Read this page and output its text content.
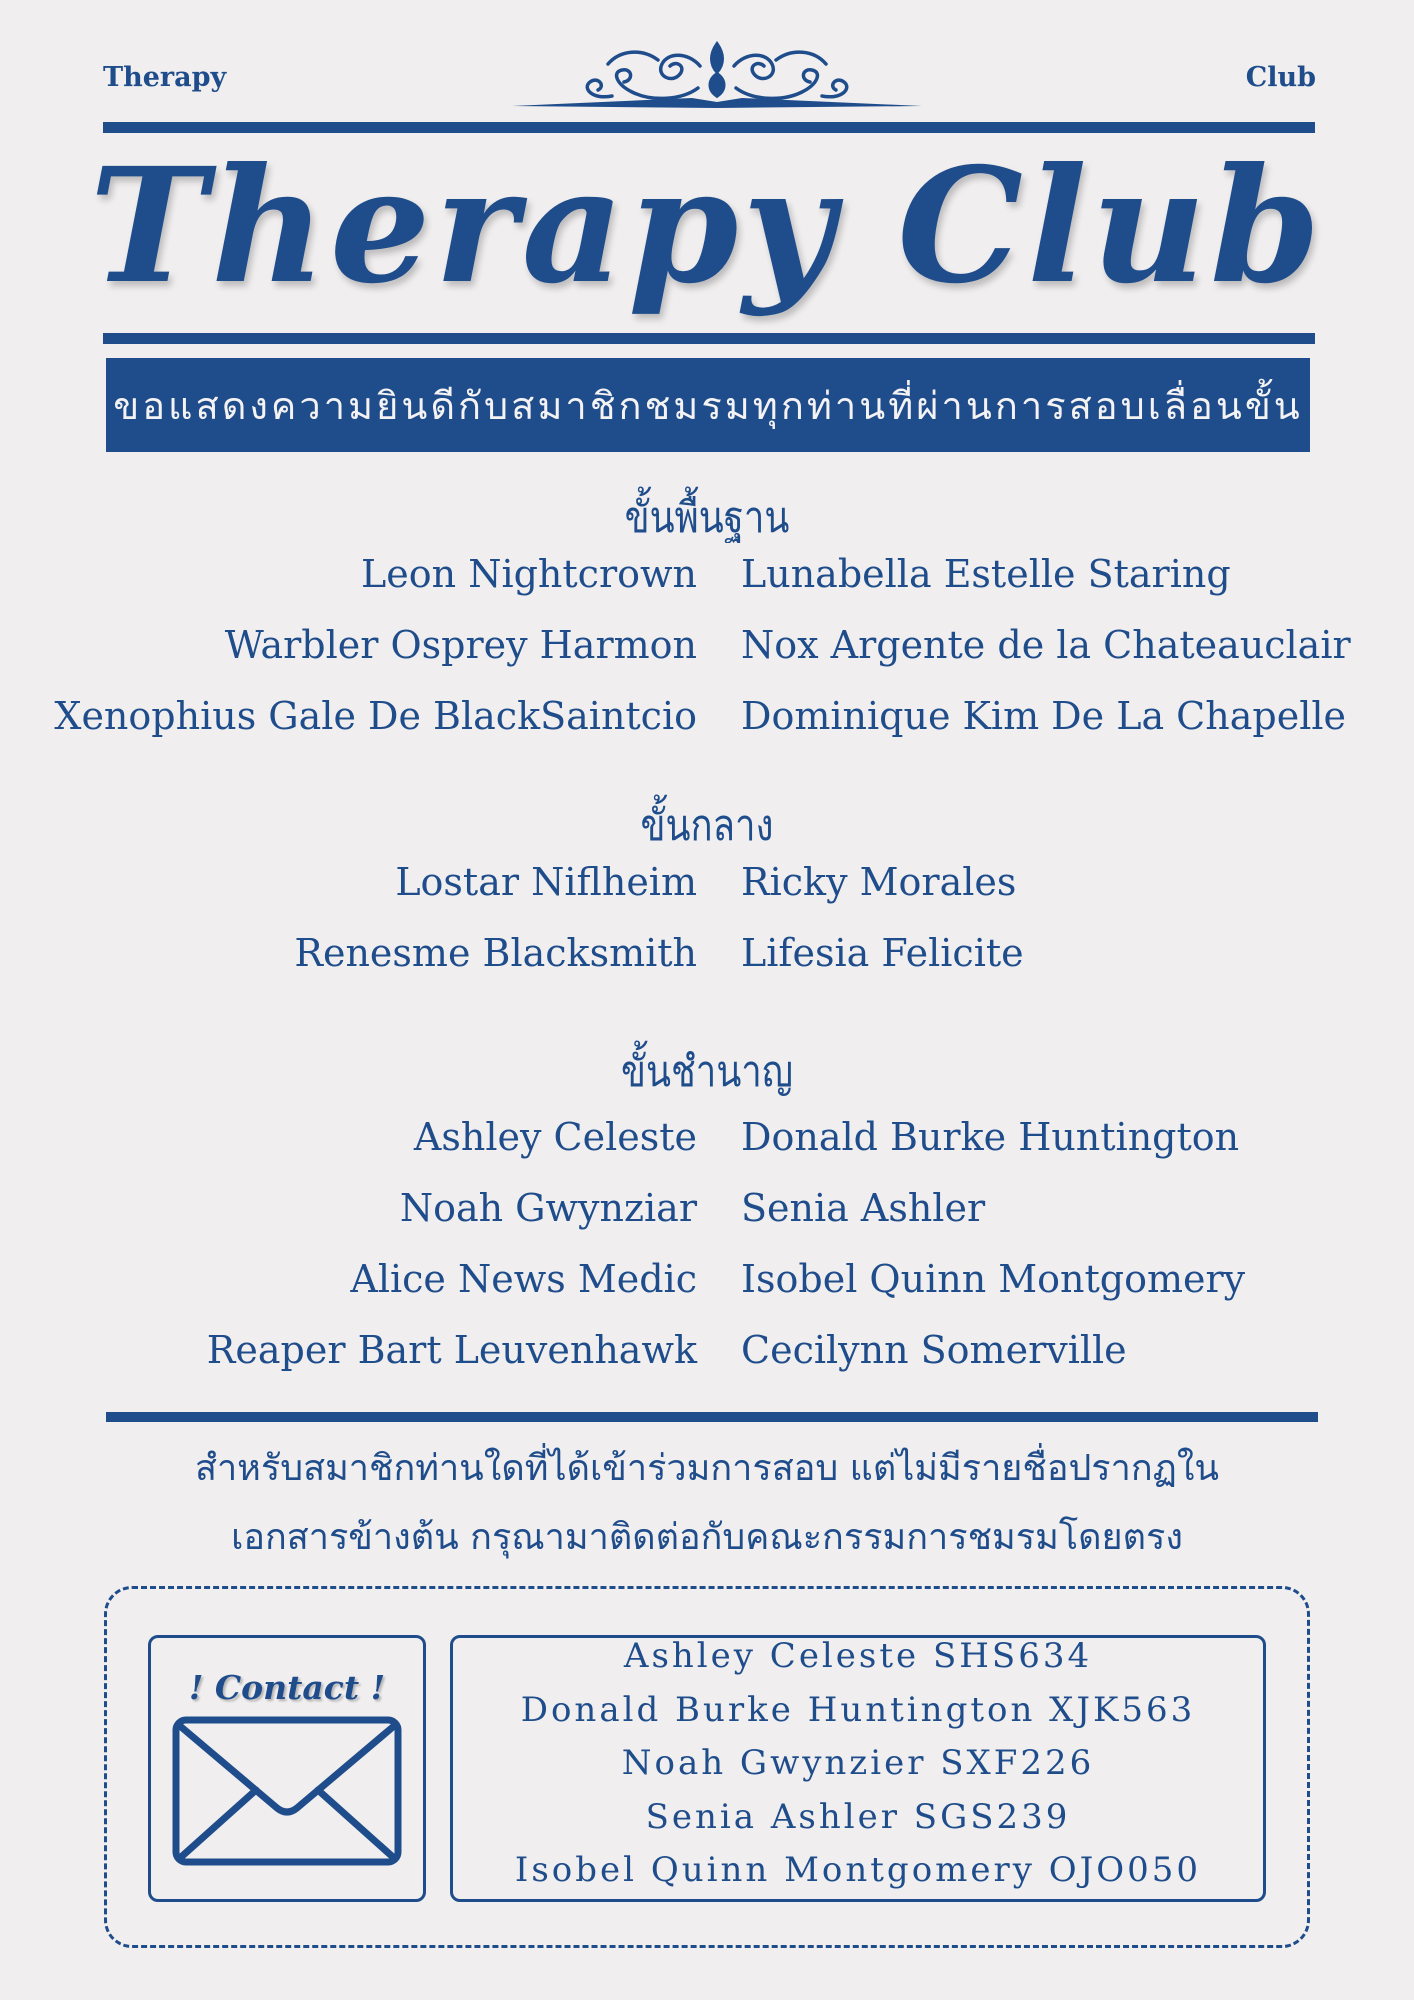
Therapy	Club
Therapy Club
ขอแสดงความยินดีกับสมาชิกชมรมทุกท่านที่ผ่านการสอบเลื่อนขั้น
ขั้นพื้นฐาน
Leon Nightcrown Lunabella Estelle Staring
Warbler Osprey Harmon Nox Argente de la Chateauclair
Xenophius Gale De BlackSaintcio Dominique Kim De La Chapelle
ขั้นกลาง
Lostar Niflheim Ricky Morales
Renesme Blacksmith Lifesia Felicite
ขั้นชำนาญ
Ashley Celeste Donald Burke Huntington
Noah Gwynziar Senia Ashler
Alice News Medic Isobel Quinn Montgomery
Reaper Bart Leuvenhawk Cecilynn Somerville
สำหรับสมาชิกท่านใดที่ได้เข้าร่วมการสอบ แต่ไม่มีรายชื่อปรากฏใน
เอกสารข้างต้น กรุณามาติดต่อกับคณะกรรมการชมรมโดยตรง
! Contact !
Ashley Celeste SHS634
Donald Burke Huntington XJK563
Noah Gwynzier SXF226
Senia Ashler SGS239
Isobel Quinn Montgomery OJO050
